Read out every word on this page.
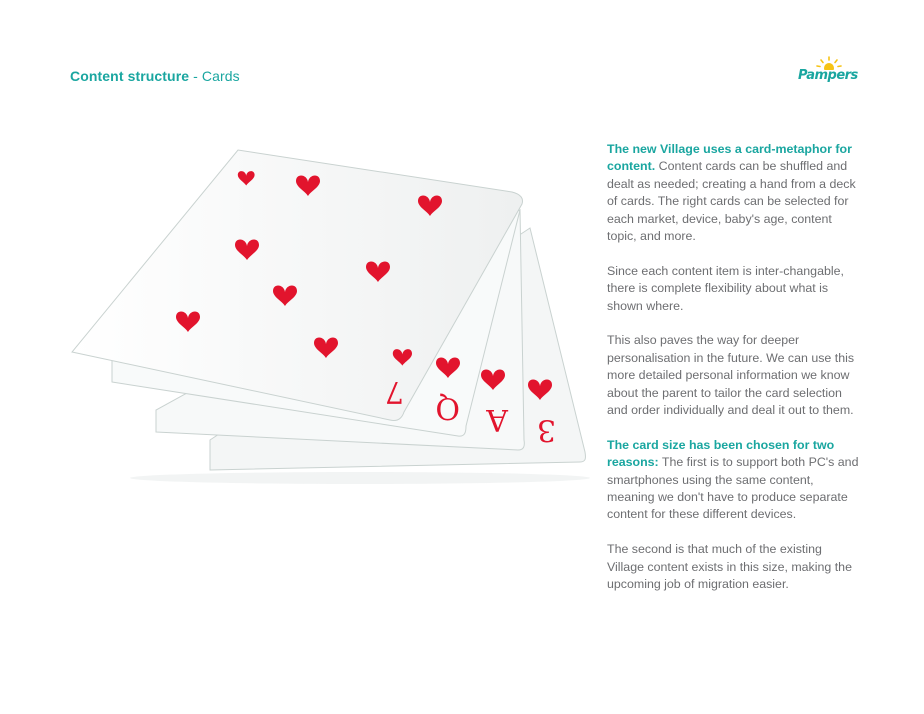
Content structure - Cards	Pampers
3
A
Q
7

The new Village uses a card-metaphor for content. Content cards can be shuffled and dealt as needed; creating a hand from a deck of cards. The right cards can be selected for each market, device, baby's age, content topic, and more.

Since each content item is inter-changable, there is complete flexibility about what is shown where.

This also paves the way for deeper personalisation in the future. We can use this more detailed personal information we know about the parent to tailor the card selection and order individually and deal it out to them.

The card size has been chosen for two reasons: The first is to support both PC's and smartphones using the same content, meaning we don't have to produce separate content for these different devices.

The second is that much of the existing Village content exists in this size, making the upcoming job of migration easier.
